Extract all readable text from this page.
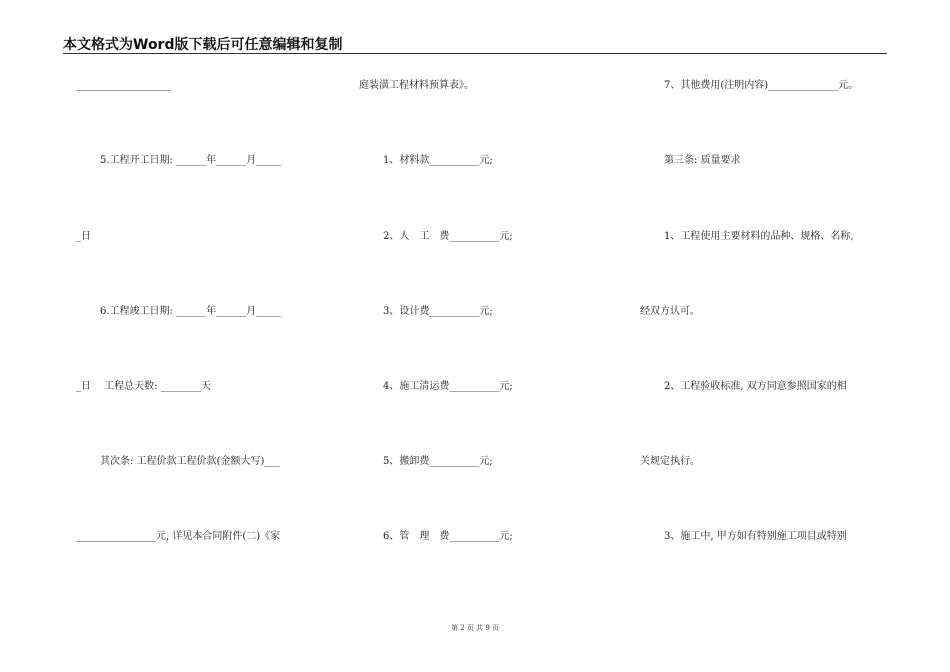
本文格式为Word版下载后可任意编辑和复制
___________________
5.工程开工日期: ______年______月_____
_日
6.工程竣工日期: ______年______月_____
_日　 工程总天数: ________天
其次条: 工程价款工程价款(金额大写)___
________________元, 详见本合同附件(二)《家
庭装潢工程材料预算表》。
1、材料款__________元;
2、人　工　费__________元;
3、设计费__________元;
4、施工清运费__________元;
5、搬卸费__________元;
6、管　理　费__________元;
7、其他费用(注明内容)______________元。
第三条: 质量要求
1、工程使用主要材料的品种、规格、名称,
经双方认可。
2、工程验收标准, 双方同意参照国家的相
关规定执行。
3、施工中, 甲方如有特别施工项目或特别
第 2 页 共 9 页
